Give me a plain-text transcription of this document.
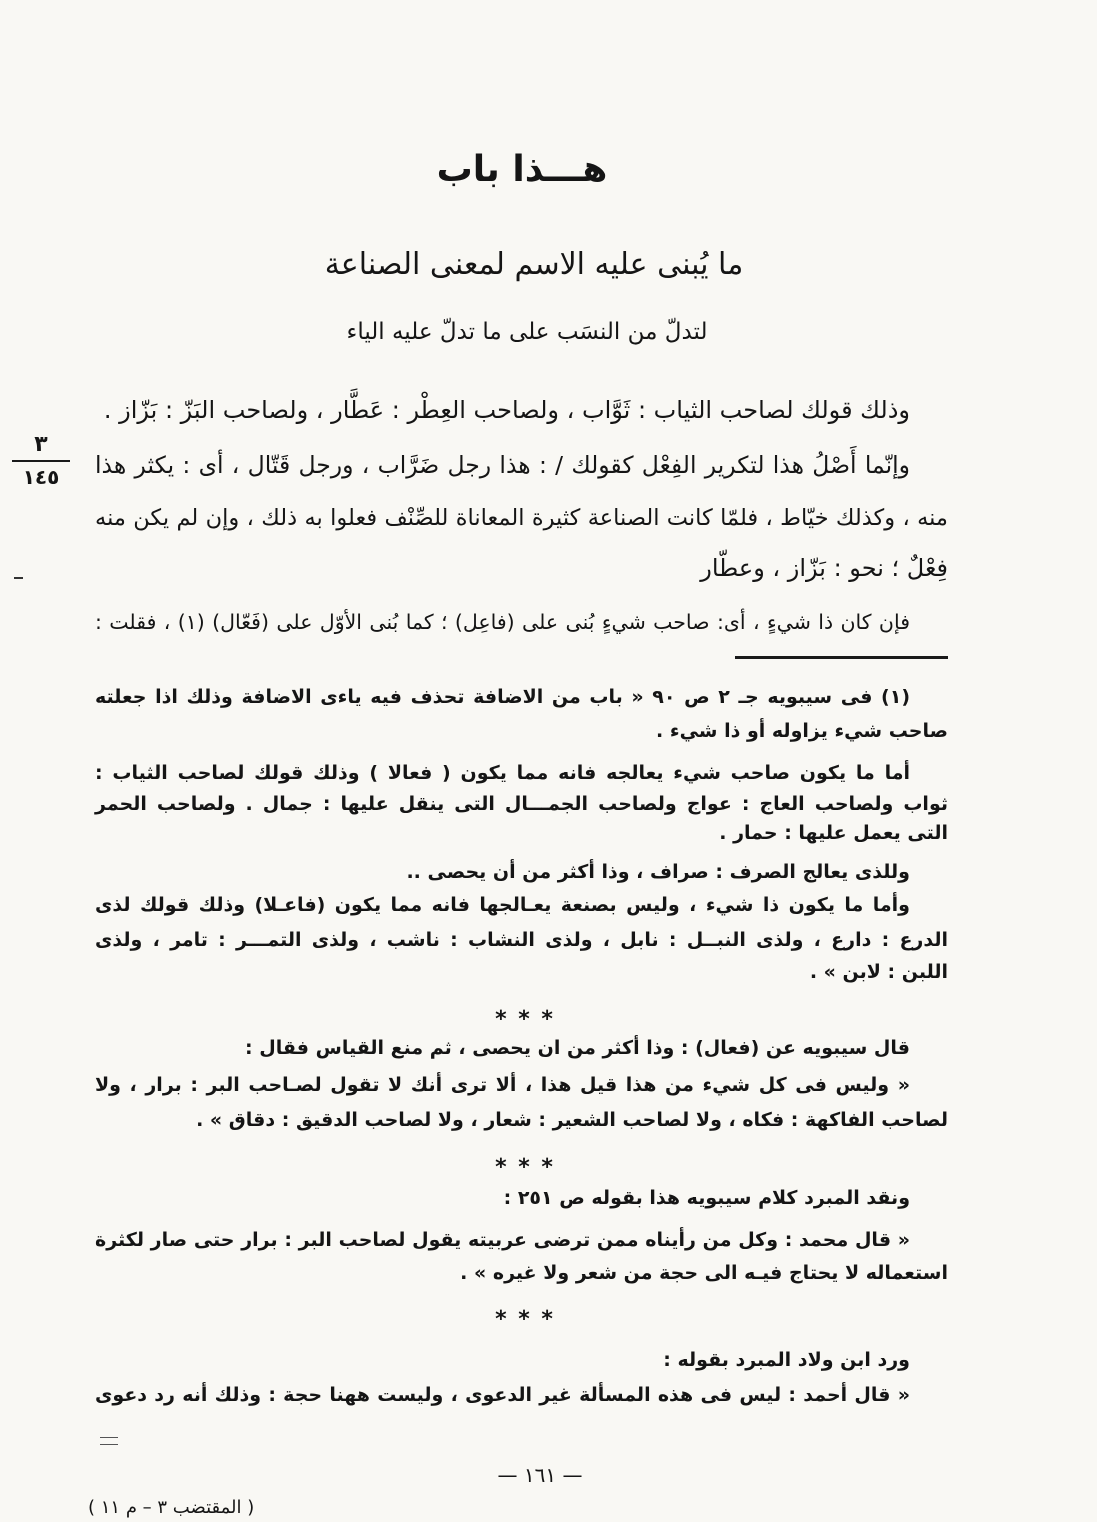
هـــذا باب
ما يُبنى عليه الاسم لمعنى الصناعة
لتدلّ من النسَب على ما تدلّ عليه الياء
٣
١٤٥
وذلك قولك لصاحب الثياب : ثَوَّاب ، ولصاحب العِطْر : عَطَّار ، ولصاحب البَزّ : بَزّاز .
وإنّما أَصْلُ هذا لتكرير الفِعْل كقولك / : هذا رجل ضَرَّاب ، ورجل قَتّال ، أى : يكثر هذا
منه ، وكذلك خيّاط ، فلمّا كانت الصناعة كثيرة المعاناة للصِّنْف فعلوا به ذلك ، وإن لم يكن منه
فِعْلٌ ؛ نحو : بَزّاز ، وعطّار
فإن كان ذا شيءٍ ، أى: صاحب شيءٍ بُنى على (فاعِل) ؛ كما بُنى الأوّل على (فَعّال) (١) ، فقلت :
(١) فى سيبويه جـ ٢ ص ٩٠ « باب من الاضافة تحذف فيه ياءى الاضافة وذلك اذا جعلته
صاحب شيء يزاوله أو ذا شيء .
أما ما يكون صاحب شيء يعالجه فانه مما يكون ( فعالا ) وذلك قولك لصاحب الثياب :
ثواب ولصاحب العاج : عواج ولصاحب الجمـــال التى ينقل عليها : جمال . ولصاحب الحمر
التى يعمل عليها : حمار .
وللذى يعالج الصرف : صراف ، وذا أكثر من أن يحصى ..
وأما ما يكون ذا شيء ، وليس بصنعة يعـالجها فانه مما يكون (فاعـلا) وذلك قولك لذى
الدرع : دارع ، ولذى النبــل : نابل ، ولذى النشاب : ناشب ، ولذى التمـــر : تامر ، ولذى
اللبن : لابن » .
* * *
قال سيبويه عن (فعال) : وذا أكثر من ان يحصى ، ثم منع القياس فقال :
« وليس فى كل شيء من هذا قيل هذا ، ألا ترى أنك لا تقول لصـاحب البر : برار ، ولا
لصاحب الفاكهة : فكاه ، ولا لصاحب الشعير : شعار ، ولا لصاحب الدقيق : دقاق » .
* * *
ونقد المبرد كلام سيبويه هذا بقوله ص ٢٥١ :
« قال محمد : وكل من رأيناه ممن ترضى عربيته يقول لصاحب البر : برار حتى صار لكثرة
استعماله لا يحتاج فيـه الى حجة من شعر ولا غيره » .
* * *
ورد ابن ولاد المبرد بقوله :
« قال أحمد : ليس فى هذه المسألة غير الدعوى ، وليست ههنا حجة : وذلك أنه رد دعوى
— ١٦١ —
( المقتضب ٣ – م ١١ )
